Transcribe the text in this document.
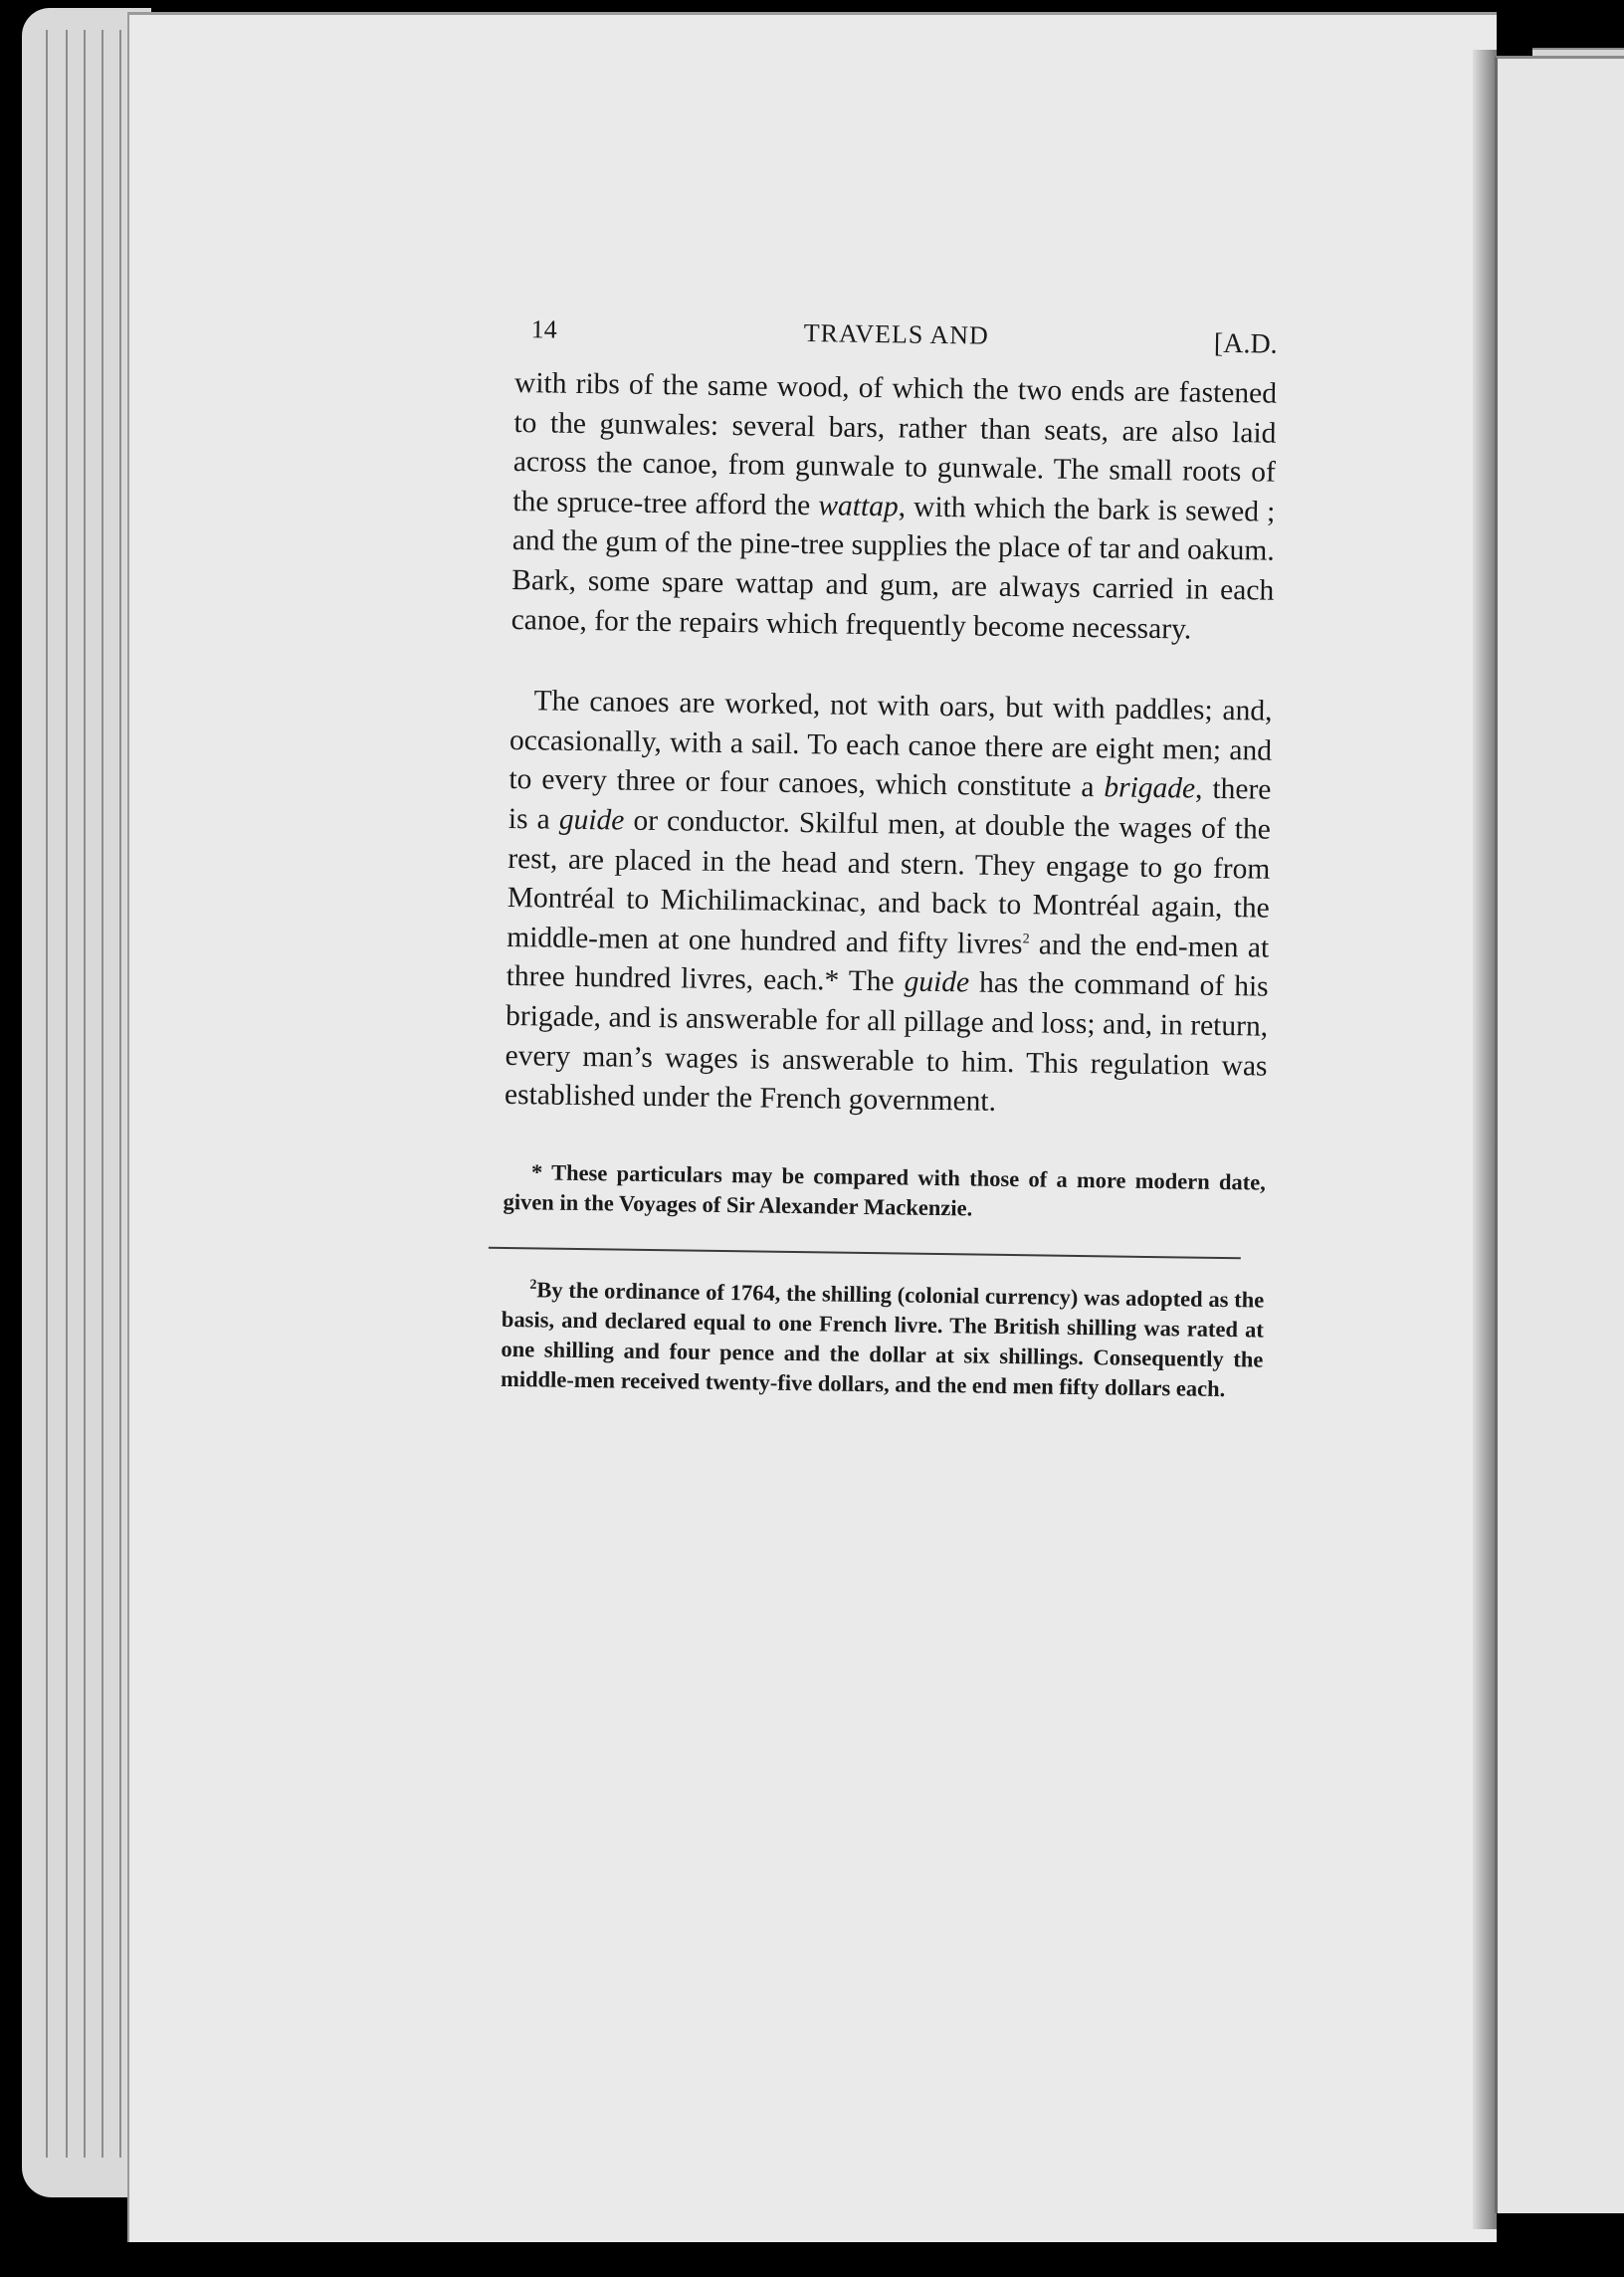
14	TRAVELS AND	[A.D.

with ribs of the same wood, of which the two ends are fastened to the gunwales: several bars, rather than seats, are also laid across the canoe, from gunwale to gunwale. The small roots of the spruce-tree afford the wattap, with which the bark is sewed ; and the gum of the pine-tree supplies the place of tar and oakum. Bark, some spare wattap and gum, are always carried in each canoe, for the repairs which frequently become necessary.

The canoes are worked, not with oars, but with paddles; and, occasionally, with a sail. To each canoe there are eight men; and to every three or four canoes, which constitute a brigade, there is a guide or conductor. Skilful men, at double the wages of the rest, are placed in the head and stern. They engage to go from Montréal to Michilimackinac, and back to Montréal again, the middle-men at one hundred and fifty livres$^2$ and the end-men at three hundred livres, each.* The guide has the command of his brigade, and is answerable for all pillage and loss; and, in return, every man’s wages is answerable to him. This regulation was established under the French government.

* These particulars may be compared with those of a more modern date, given in the Voyages of Sir Alexander Mackenzie.

$^2$By the ordinance of 1764, the shilling (colonial currency) was adopted as the basis, and declared equal to one French livre. The British shilling was rated at one shilling and four pence and the dollar at six shillings. Consequently the middle-men received twenty-five dollars, and the end men fifty dollars each.
